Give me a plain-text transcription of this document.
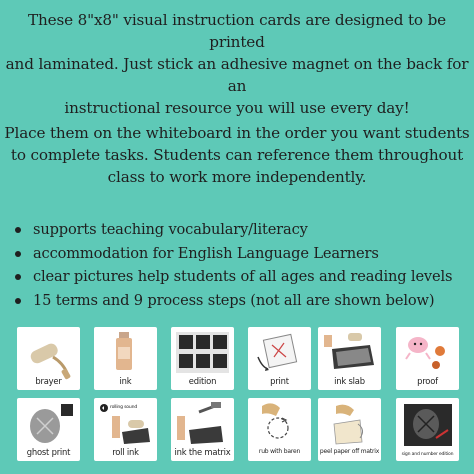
These 8"x8" visual instruction cards are designed to be printed
and laminated. Just stick an adhesive magnet on the back for an
instructional resource you will use every day!
Place them on the whiteboard in the order you want students
to complete tasks. Students can reference them throughout
class to work more independently.
supports teaching vocabulary/literacy
accommodation for English Language Learners
clear pictures help students of all ages and reading levels
15 terms and 9 process steps (not all are shown below)
brayer	ink	edition	print	ink slab	proof
ghost print
rolling sound
roll ink	ink the matrix	rub with baren	peel paper off matrix	sign and number edition
